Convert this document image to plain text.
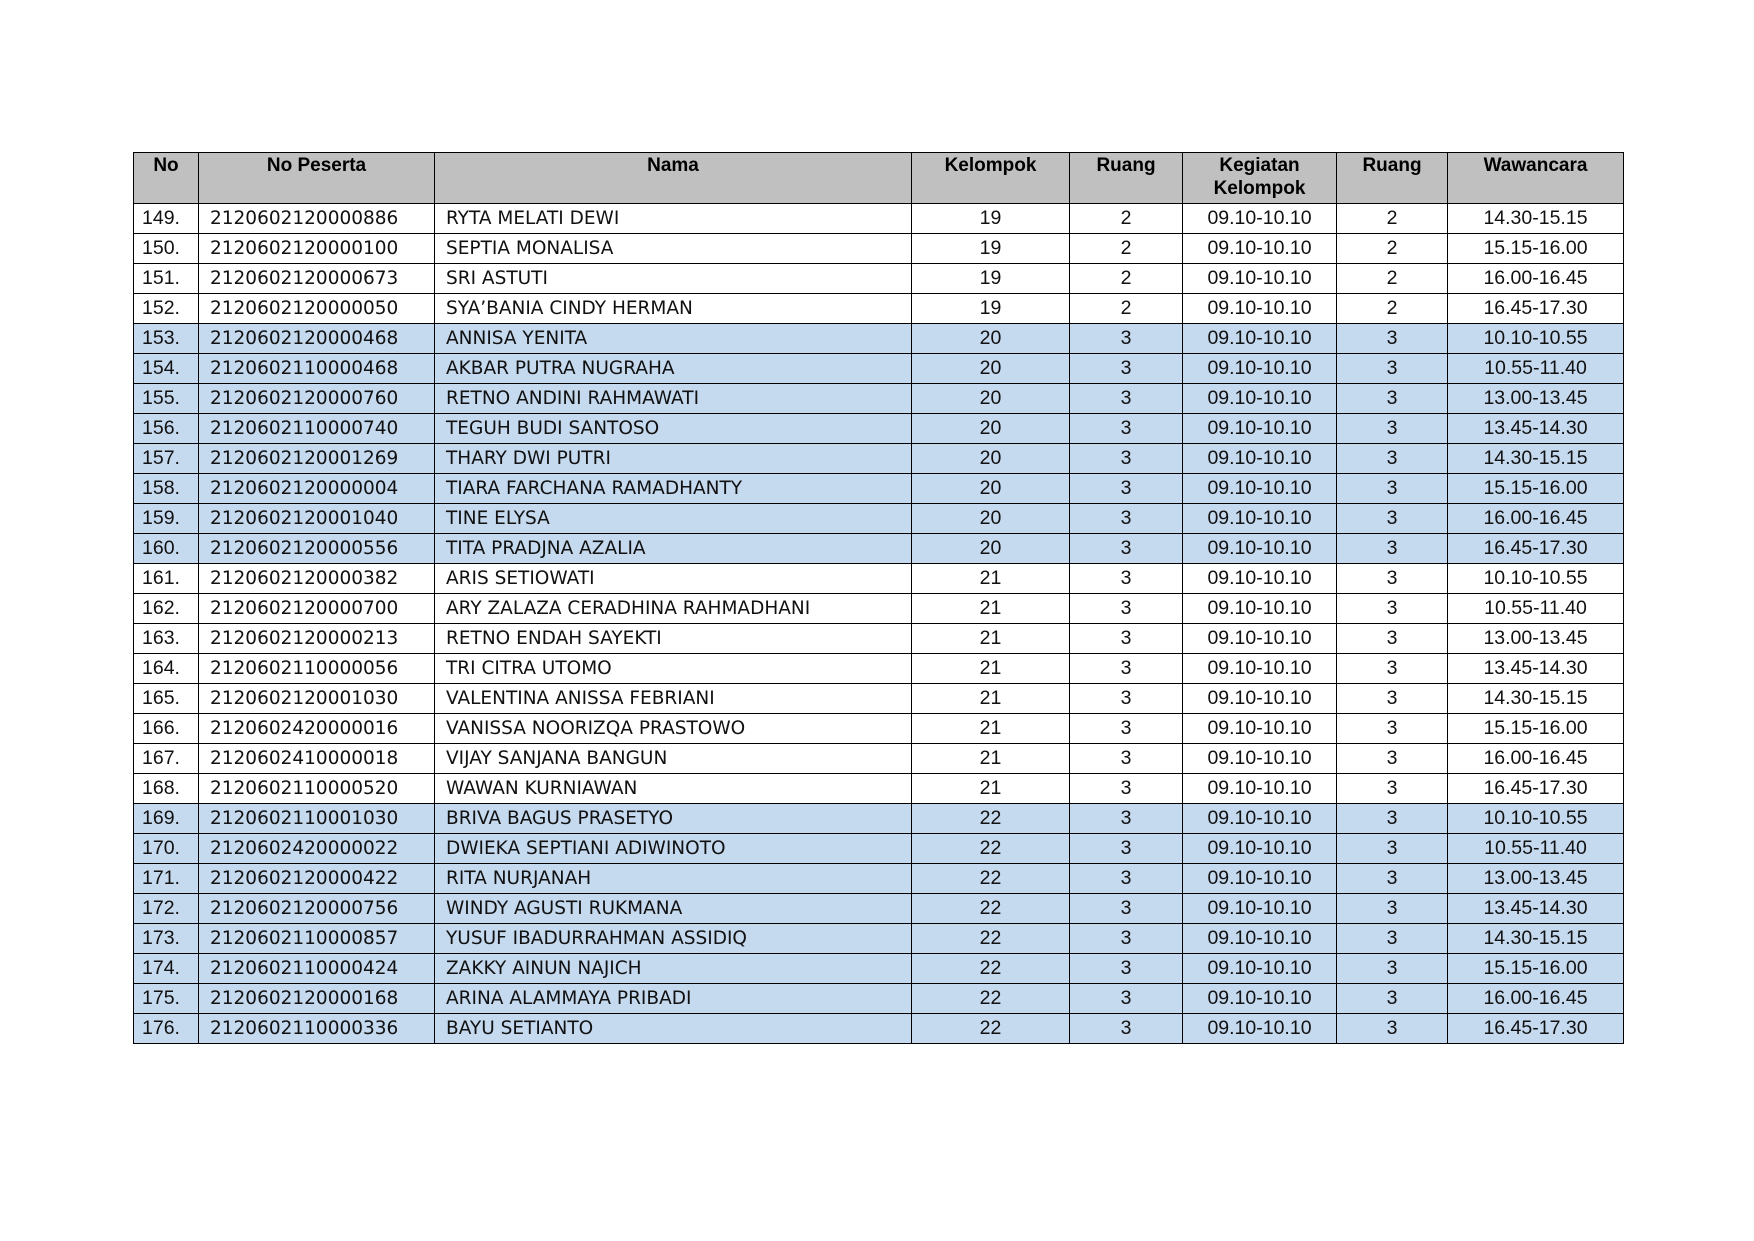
No	No Peserta	Nama	Kelompok	Ruang	Kegiatan Kelompok	Ruang	Wawancara
149.	2120602120000886	RYTA MELATI DEWI	19	2	09.10-10.10	2	14.30-15.15
150.	2120602120000100	SEPTIA MONALISA	19	2	09.10-10.10	2	15.15-16.00
151.	2120602120000673	SRI ASTUTI	19	2	09.10-10.10	2	16.00-16.45
152.	2120602120000050	SYA’BANIA CINDY HERMAN	19	2	09.10-10.10	2	16.45-17.30
153.	2120602120000468	ANNISA YENITA	20	3	09.10-10.10	3	10.10-10.55
154.	2120602110000468	AKBAR PUTRA NUGRAHA	20	3	09.10-10.10	3	10.55-11.40
155.	2120602120000760	RETNO ANDINI RAHMAWATI	20	3	09.10-10.10	3	13.00-13.45
156.	2120602110000740	TEGUH BUDI SANTOSO	20	3	09.10-10.10	3	13.45-14.30
157.	2120602120001269	THARY DWI PUTRI	20	3	09.10-10.10	3	14.30-15.15
158.	2120602120000004	TIARA FARCHANA RAMADHANTY	20	3	09.10-10.10	3	15.15-16.00
159.	2120602120001040	TINE ELYSA	20	3	09.10-10.10	3	16.00-16.45
160.	2120602120000556	TITA PRADJNA AZALIA	20	3	09.10-10.10	3	16.45-17.30
161.	2120602120000382	ARIS SETIOWATI	21	3	09.10-10.10	3	10.10-10.55
162.	2120602120000700	ARY ZALAZA CERADHINA RAHMADHANI	21	3	09.10-10.10	3	10.55-11.40
163.	2120602120000213	RETNO ENDAH SAYEKTI	21	3	09.10-10.10	3	13.00-13.45
164.	2120602110000056	TRI CITRA UTOMO	21	3	09.10-10.10	3	13.45-14.30
165.	2120602120001030	VALENTINA ANISSA FEBRIANI	21	3	09.10-10.10	3	14.30-15.15
166.	2120602420000016	VANISSA NOORIZQA PRASTOWO	21	3	09.10-10.10	3	15.15-16.00
167.	2120602410000018	VIJAY SANJANA BANGUN	21	3	09.10-10.10	3	16.00-16.45
168.	2120602110000520	WAWAN KURNIAWAN	21	3	09.10-10.10	3	16.45-17.30
169.	2120602110001030	BRIVA BAGUS PRASETYO	22	3	09.10-10.10	3	10.10-10.55
170.	2120602420000022	DWIEKA SEPTIANI ADIWINOTO	22	3	09.10-10.10	3	10.55-11.40
171.	2120602120000422	RITA NURJANAH	22	3	09.10-10.10	3	13.00-13.45
172.	2120602120000756	WINDY AGUSTI RUKMANA	22	3	09.10-10.10	3	13.45-14.30
173.	2120602110000857	YUSUF IBADURRAHMAN ASSIDIQ	22	3	09.10-10.10	3	14.30-15.15
174.	2120602110000424	ZAKKY AINUN NAJICH	22	3	09.10-10.10	3	15.15-16.00
175.	2120602120000168	ARINA ALAMMAYA PRIBADI	22	3	09.10-10.10	3	16.00-16.45
176.	2120602110000336	BAYU SETIANTO	22	3	09.10-10.10	3	16.45-17.30
